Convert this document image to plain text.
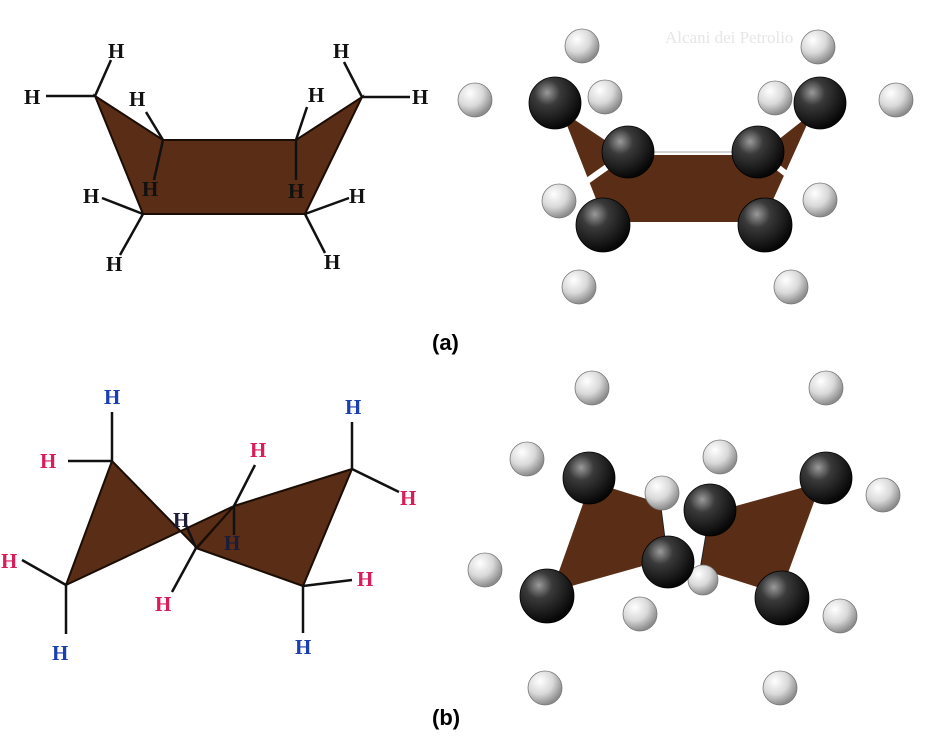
Alcani dei Petrolio
H
H	H
H
H
H
H
H
H
H
H
H
(a)
H	H
H	H
H
H
H	H
H
H
H
H
(b)
